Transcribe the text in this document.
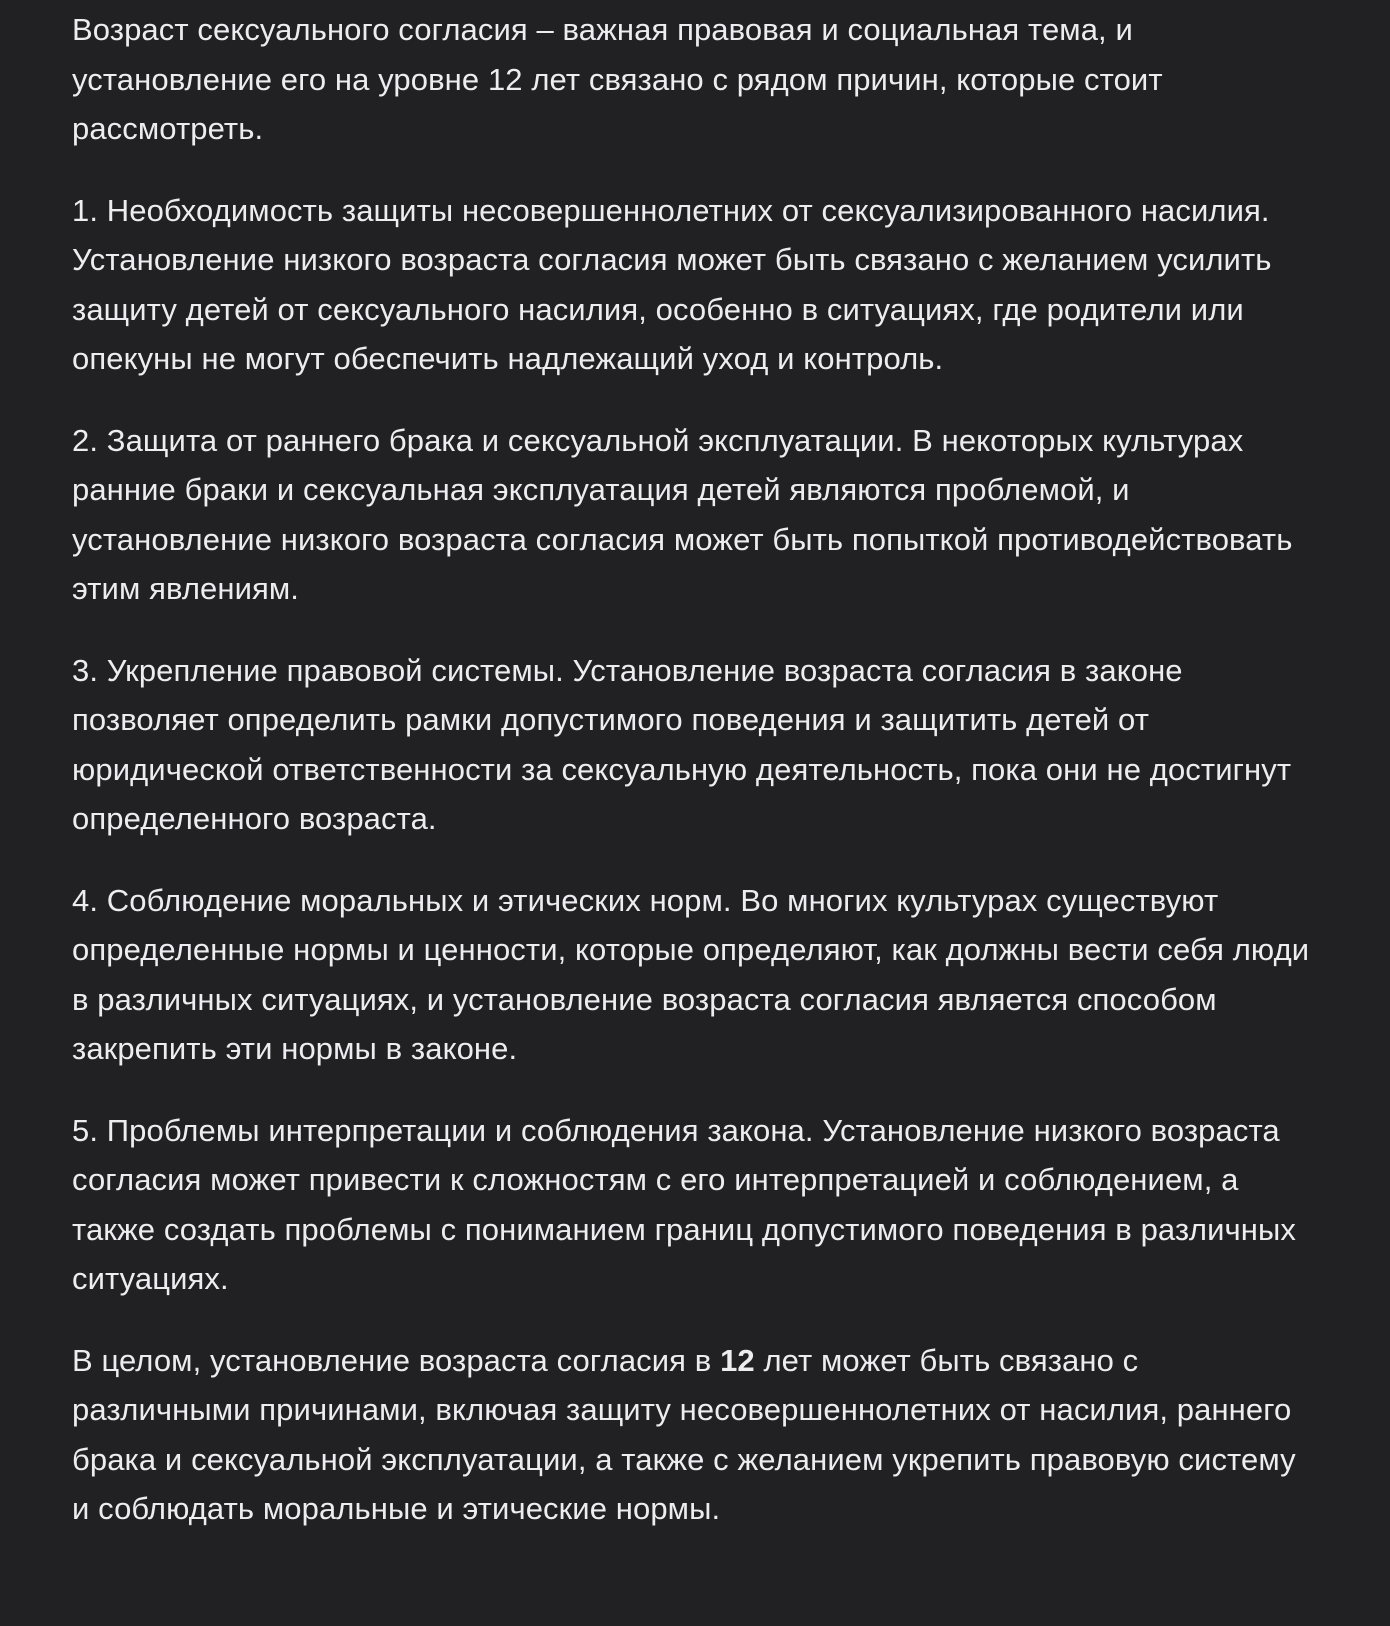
Возраст сексуального согласия – важная правовая и социальная тема, и установление его на уровне 12 лет связано с рядом причин, которые стоит рассмотреть.

1. Необходимость защиты несовершеннолетних от сексуализированного насилия. Установление низкого возраста согласия может быть связано с желанием усилить защиту детей от сексуального насилия, особенно в ситуациях, где родители или опекуны не могут обеспечить надлежащий уход и контроль.

2. Защита от раннего брака и сексуальной эксплуатации. В некоторых культурах ранние браки и сексуальная эксплуатация детей являются проблемой, и установление низкого возраста согласия может быть попыткой противодействовать этим явлениям.

3. Укрепление правовой системы. Установление возраста согласия в законе позволяет определить рамки допустимого поведения и защитить детей от юридической ответственности за сексуальную деятельность, пока они не достигнут определенного возраста.

4. Соблюдение моральных и этических норм. Во многих культурах существуют определенные нормы и ценности, которые определяют, как должны вести себя люди в различных ситуациях, и установление возраста согласия является способом закрепить эти нормы в законе.

5. Проблемы интерпретации и соблюдения закона. Установление низкого возраста согласия может привести к сложностям с его интерпретацией и соблюдением, а также создать проблемы с пониманием границ допустимого поведения в различных ситуациях.

В целом, установление возраста согласия в 12 лет может быть связано с различными причинами, включая защиту несовершеннолетних от насилия, раннего брака и сексуальной эксплуатации, а также с желанием укрепить правовую систему и соблюдать моральные и этические нормы.
